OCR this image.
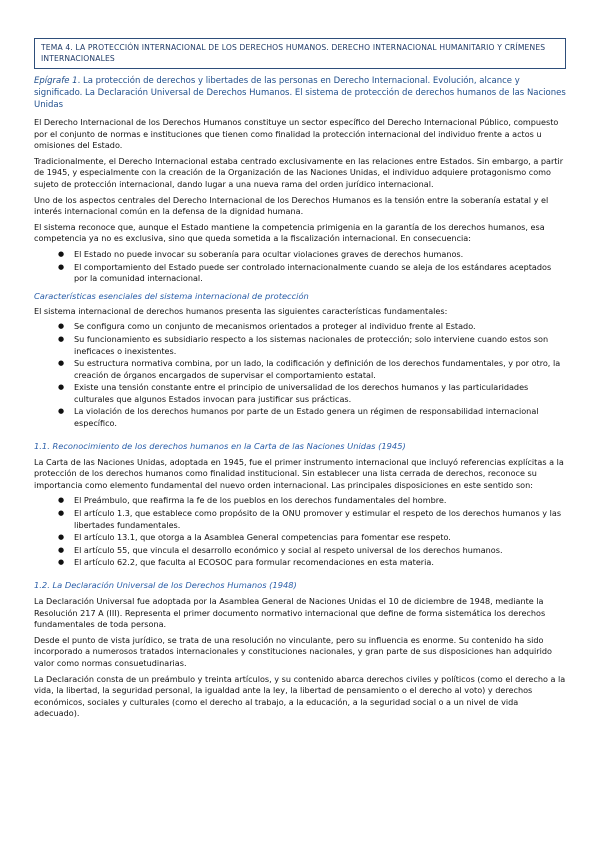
TEMA 4. LA PROTECCIÓN INTERNACIONAL DE LOS DERECHOS HUMANOS. DERECHO INTERNACIONAL HUMANITARIO Y CRÍMENES INTERNACIONALES
Epígrafe 1. La protección de derechos y libertades de las personas en Derecho Internacional. Evolución, alcance y significado. La Declaración Universal de Derechos Humanos. El sistema de protección de derechos humanos de las Naciones Unidas

El Derecho Internacional de los Derechos Humanos constituye un sector específico del Derecho Internacional Público, compuesto por el conjunto de normas e instituciones que tienen como finalidad la protección internacional del individuo frente a actos u omisiones del Estado.

Tradicionalmente, el Derecho Internacional estaba centrado exclusivamente en las relaciones entre Estados. Sin embargo, a partir de 1945, y especialmente con la creación de la Organización de las Naciones Unidas, el individuo adquiere protagonismo como sujeto de protección internacional, dando lugar a una nueva rama del orden jurídico internacional.

Uno de los aspectos centrales del Derecho Internacional de los Derechos Humanos es la tensión entre la soberanía estatal y el interés internacional común en la defensa de la dignidad humana.

El sistema reconoce que, aunque el Estado mantiene la competencia primigenia en la garantía de los derechos humanos, esa competencia ya no es exclusiva, sino que queda sometida a la fiscalización internacional. En consecuencia:

● El Estado no puede invocar su soberanía para ocultar violaciones graves de derechos humanos.
● El comportamiento del Estado puede ser controlado internacionalmente cuando se aleja de los estándares aceptados por la comunidad internacional.
Características esenciales del sistema internacional de protección

El sistema internacional de derechos humanos presenta las siguientes características fundamentales:

● Se configura como un conjunto de mecanismos orientados a proteger al individuo frente al Estado.
● Su funcionamiento es subsidiario respecto a los sistemas nacionales de protección; solo interviene cuando estos son ineficaces o inexistentes.
● Su estructura normativa combina, por un lado, la codificación y definición de los derechos fundamentales, y por otro, la creación de órganos encargados de supervisar el comportamiento estatal.
● Existe una tensión constante entre el principio de universalidad de los derechos humanos y las particularidades culturales que algunos Estados invocan para justificar sus prácticas.
● La violación de los derechos humanos por parte de un Estado genera un régimen de responsabilidad internacional específico.
1.1. Reconocimiento de los derechos humanos en la Carta de las Naciones Unidas (1945)

La Carta de las Naciones Unidas, adoptada en 1945, fue el primer instrumento internacional que incluyó referencias explícitas a la protección de los derechos humanos como finalidad institucional. Sin establecer una lista cerrada de derechos, reconoce su importancia como elemento fundamental del nuevo orden internacional. Las principales disposiciones en este sentido son:

● El Preámbulo, que reafirma la fe de los pueblos en los derechos fundamentales del hombre.
● El artículo 1.3, que establece como propósito de la ONU promover y estimular el respeto de los derechos humanos y las libertades fundamentales.
● El artículo 13.1, que otorga a la Asamblea General competencias para fomentar ese respeto.
● El artículo 55, que vincula el desarrollo económico y social al respeto universal de los derechos humanos.
● El artículo 62.2, que faculta al ECOSOC para formular recomendaciones en esta materia.
1.2. La Declaración Universal de los Derechos Humanos (1948)

La Declaración Universal fue adoptada por la Asamblea General de Naciones Unidas el 10 de diciembre de 1948, mediante la Resolución 217 A (III). Representa el primer documento normativo internacional que define de forma sistemática los derechos fundamentales de toda persona.

Desde el punto de vista jurídico, se trata de una resolución no vinculante, pero su influencia es enorme. Su contenido ha sido incorporado a numerosos tratados internacionales y constituciones nacionales, y gran parte de sus disposiciones han adquirido valor como normas consuetudinarias.

La Declaración consta de un preámbulo y treinta artículos, y su contenido abarca derechos civiles y políticos (como el derecho a la vida, la libertad, la seguridad personal, la igualdad ante la ley, la libertad de pensamiento o el derecho al voto) y derechos económicos, sociales y culturales (como el derecho al trabajo, a la educación, a la seguridad social o a un nivel de vida adecuado).
